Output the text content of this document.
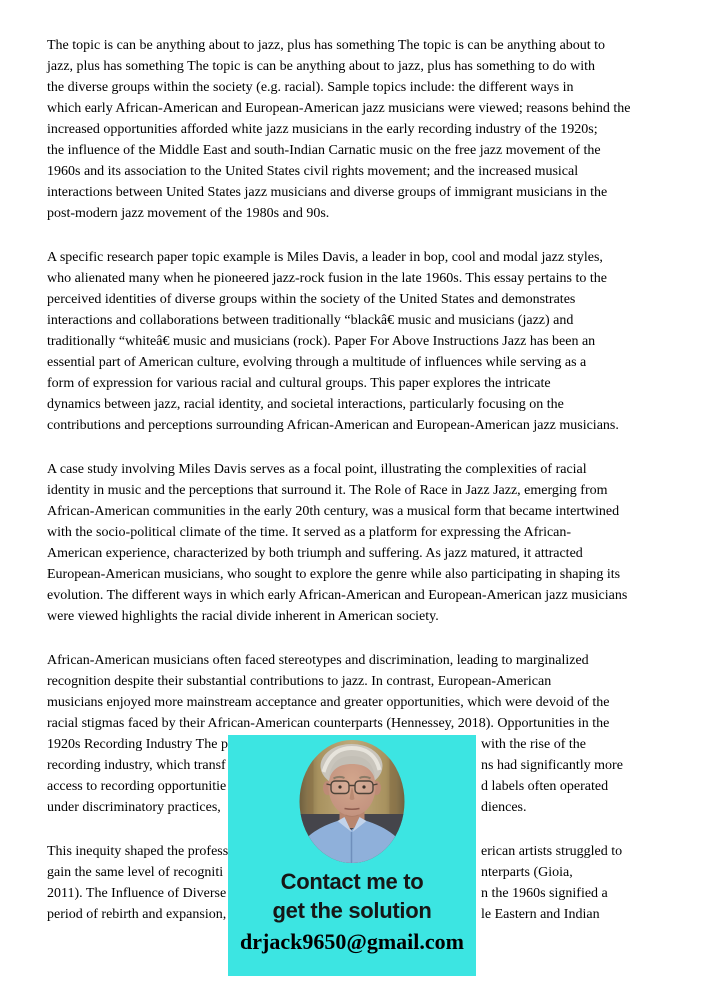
The topic is can be anything about to jazz, plus has something The topic is can be anything about to
jazz, plus has something The topic is can be anything about to jazz, plus has something to do with
the diverse groups within the society (e.g. racial). Sample topics include: the different ways in
which early African-American and European-American jazz musicians were viewed; reasons behind the
increased opportunities afforded white jazz musicians in the early recording industry of the 1920s;
the influence of the Middle East and south-Indian Carnatic music on the free jazz movement of the
1960s and its association to the United States civil rights movement; and the increased musical
interactions between United States jazz musicians and diverse groups of immigrant musicians in the
post-modern jazz movement of the 1980s and 90s.
A specific research paper topic example is Miles Davis, a leader in bop, cool and modal jazz styles,
who alienated many when he pioneered jazz-rock fusion in the late 1960s. This essay pertains to the
perceived identities of diverse groups within the society of the United States and demonstrates
interactions and collaborations between traditionally “blackâ€ music and musicians (jazz) and
traditionally “whiteâ€ music and musicians (rock). Paper For Above Instructions Jazz has been an
essential part of American culture, evolving through a multitude of influences while serving as a
form of expression for various racial and cultural groups. This paper explores the intricate
dynamics between jazz, racial identity, and societal interactions, particularly focusing on the
contributions and perceptions surrounding African-American and European-American jazz musicians.
A case study involving Miles Davis serves as a focal point, illustrating the complexities of racial
identity in music and the perceptions that surround it. The Role of Race in Jazz Jazz, emerging from
African-American communities in the early 20th century, was a musical form that became intertwined
with the socio-political climate of the time. It served as a platform for expressing the African-
American experience, characterized by both triumph and suffering. As jazz matured, it attracted
European-American musicians, who sought to explore the genre while also participating in shaping its
evolution. The different ways in which early African-American and European-American jazz musicians
were viewed highlights the racial divide inherent in American society.
African-American musicians often faced stereotypes and discrimination, leading to marginalized
recognition despite their substantial contributions to jazz. In contrast, European-American
musicians enjoyed more mainstream acceptance and greater opportunities, which were devoid of the
racial stigmas faced by their African-American counterparts (Hennessey, 2018). Opportunities in the
1920s Recording Industry The p	with the rise of the
recording industry, which transf	ns had significantly more
access to recording opportunitie	d labels often operated
under discriminatory practices,	diences.
This inequity shaped the profess	erican artists struggled to
gain the same level of recogniti	nterparts (Gioia,
2011). The Influence of Diverse	n the 1960s signified a
period of rebirth and expansion,	le Eastern and Indian
Contact me to
get the solution
drjack9650@gmail.com
